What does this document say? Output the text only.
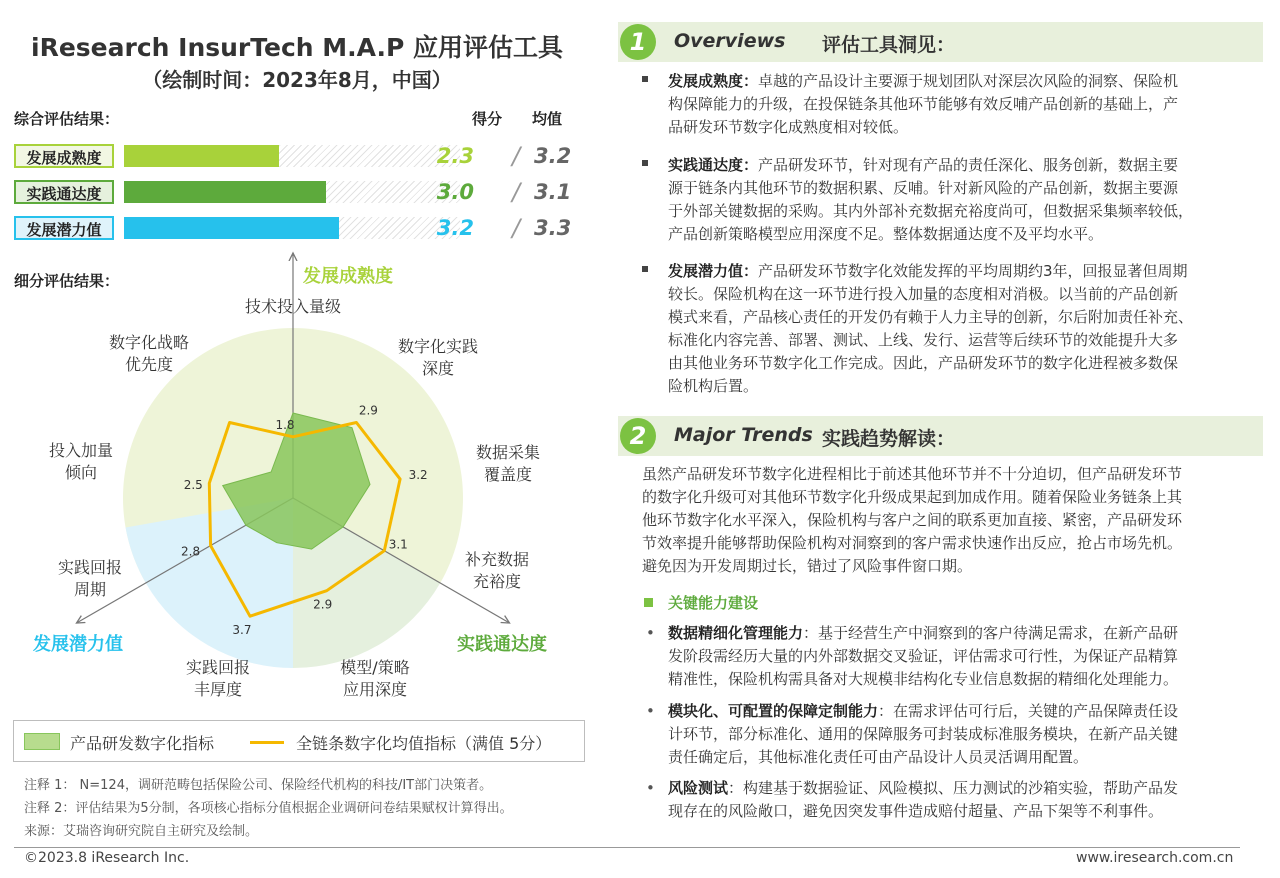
iResearch InsurTech M.A.P 应用评估工具
（绘制时间：2023年8月，中国）
综合评估结果：	得分 均值
发展成熟度	2.3 / 3.2
实践通达度	3.0 / 3.1
发展潜力值	3.2 / 3.3
细分评估结果：
1.8
2.9
3.2
3.1
2.9
3.7
2.8
2.5
技术投入量级
数字化实践
深度
数据采集
覆盖度
补充数据
充裕度
模型/策略
应用深度
实践回报
丰厚度
实践回报
周期
投入加量
倾向
数字化战略
优先度
发展成熟度
实践通达度
发展潜力值
产品研发数字化指标	全链条数字化均值指标（满值 5分）
注释 1： N=124，调研范畴包括保险公司、保险经代机构的科技/IT部门决策者。
注释 2：评估结果为5分制，各项核心指标分值根据企业调研问卷结果赋权计算得出。
来源：艾瑞咨询研究院自主研究及绘制。
1	Overviews 评估工具洞见：
发展成熟度：卓越的产品设计主要源于规划团队对深层次风险的洞察、保险机
构保障能力的升级，在投保链条其他环节能够有效反哺产品创新的基础上，产
品研发环节数字化成熟度相对较低。
实践通达度：产品研发环节，针对现有产品的责任深化、服务创新，数据主要
源于链条内其他环节的数据积累、反哺。针对新风险的产品创新，数据主要源
于外部关键数据的采购。其内外部补充数据充裕度尚可，但数据采集频率较低，
产品创新策略模型应用深度不足。整体数据通达度不及平均水平。
发展潜力值：产品研发环节数字化效能发挥的平均周期约3年，回报显著但周期
较长。保险机构在这一环节进行投入加量的态度相对消极。以当前的产品创新
模式来看，产品核心责任的开发仍有赖于人力主导的创新，尔后附加责任补充、
标准化内容完善、部署、测试、上线、发行、运营等后续环节的效能提升大多
由其他业务环节数字化工作完成。因此，产品研发环节的数字化进程被多数保
险机构后置。
2	Major Trends 实践趋势解读：
虽然产品研发环节数字化进程相比于前述其他环节并不十分迫切，但产品研发环节
的数字化升级可对其他环节数字化升级成果起到加成作用。随着保险业务链条上其
他环节数字化水平深入，保险机构与客户之间的联系更加直接、紧密，产品研发环
节效率提升能够帮助保险机构对洞察到的客户需求快速作出反应，抢占市场先机。
避免因为开发周期过长，错过了风险事件窗口期。
关键能力建设
• 数据精细化管理能力：基于经营生产中洞察到的客户待满足需求，在新产品研
发阶段需经历大量的内外部数据交叉验证，评估需求可行性，为保证产品精算
精准性，保险机构需具备对大规模非结构化专业信息数据的精细化处理能力。
• 模块化、可配置的保障定制能力：在需求评估可行后，关键的产品保障责任设
计环节，部分标准化、通用的保障服务可封装成标准服务模块，在新产品关键
责任确定后，其他标准化责任可由产品设计人员灵活调用配置。
• 风险测试：构建基于数据验证、风险模拟、压力测试的沙箱实验，帮助产品发
现存在的风险敞口，避免因突发事件造成赔付超量、产品下架等不利事件。
©2023.8 iResearch Inc.	www.iresearch.com.cn
